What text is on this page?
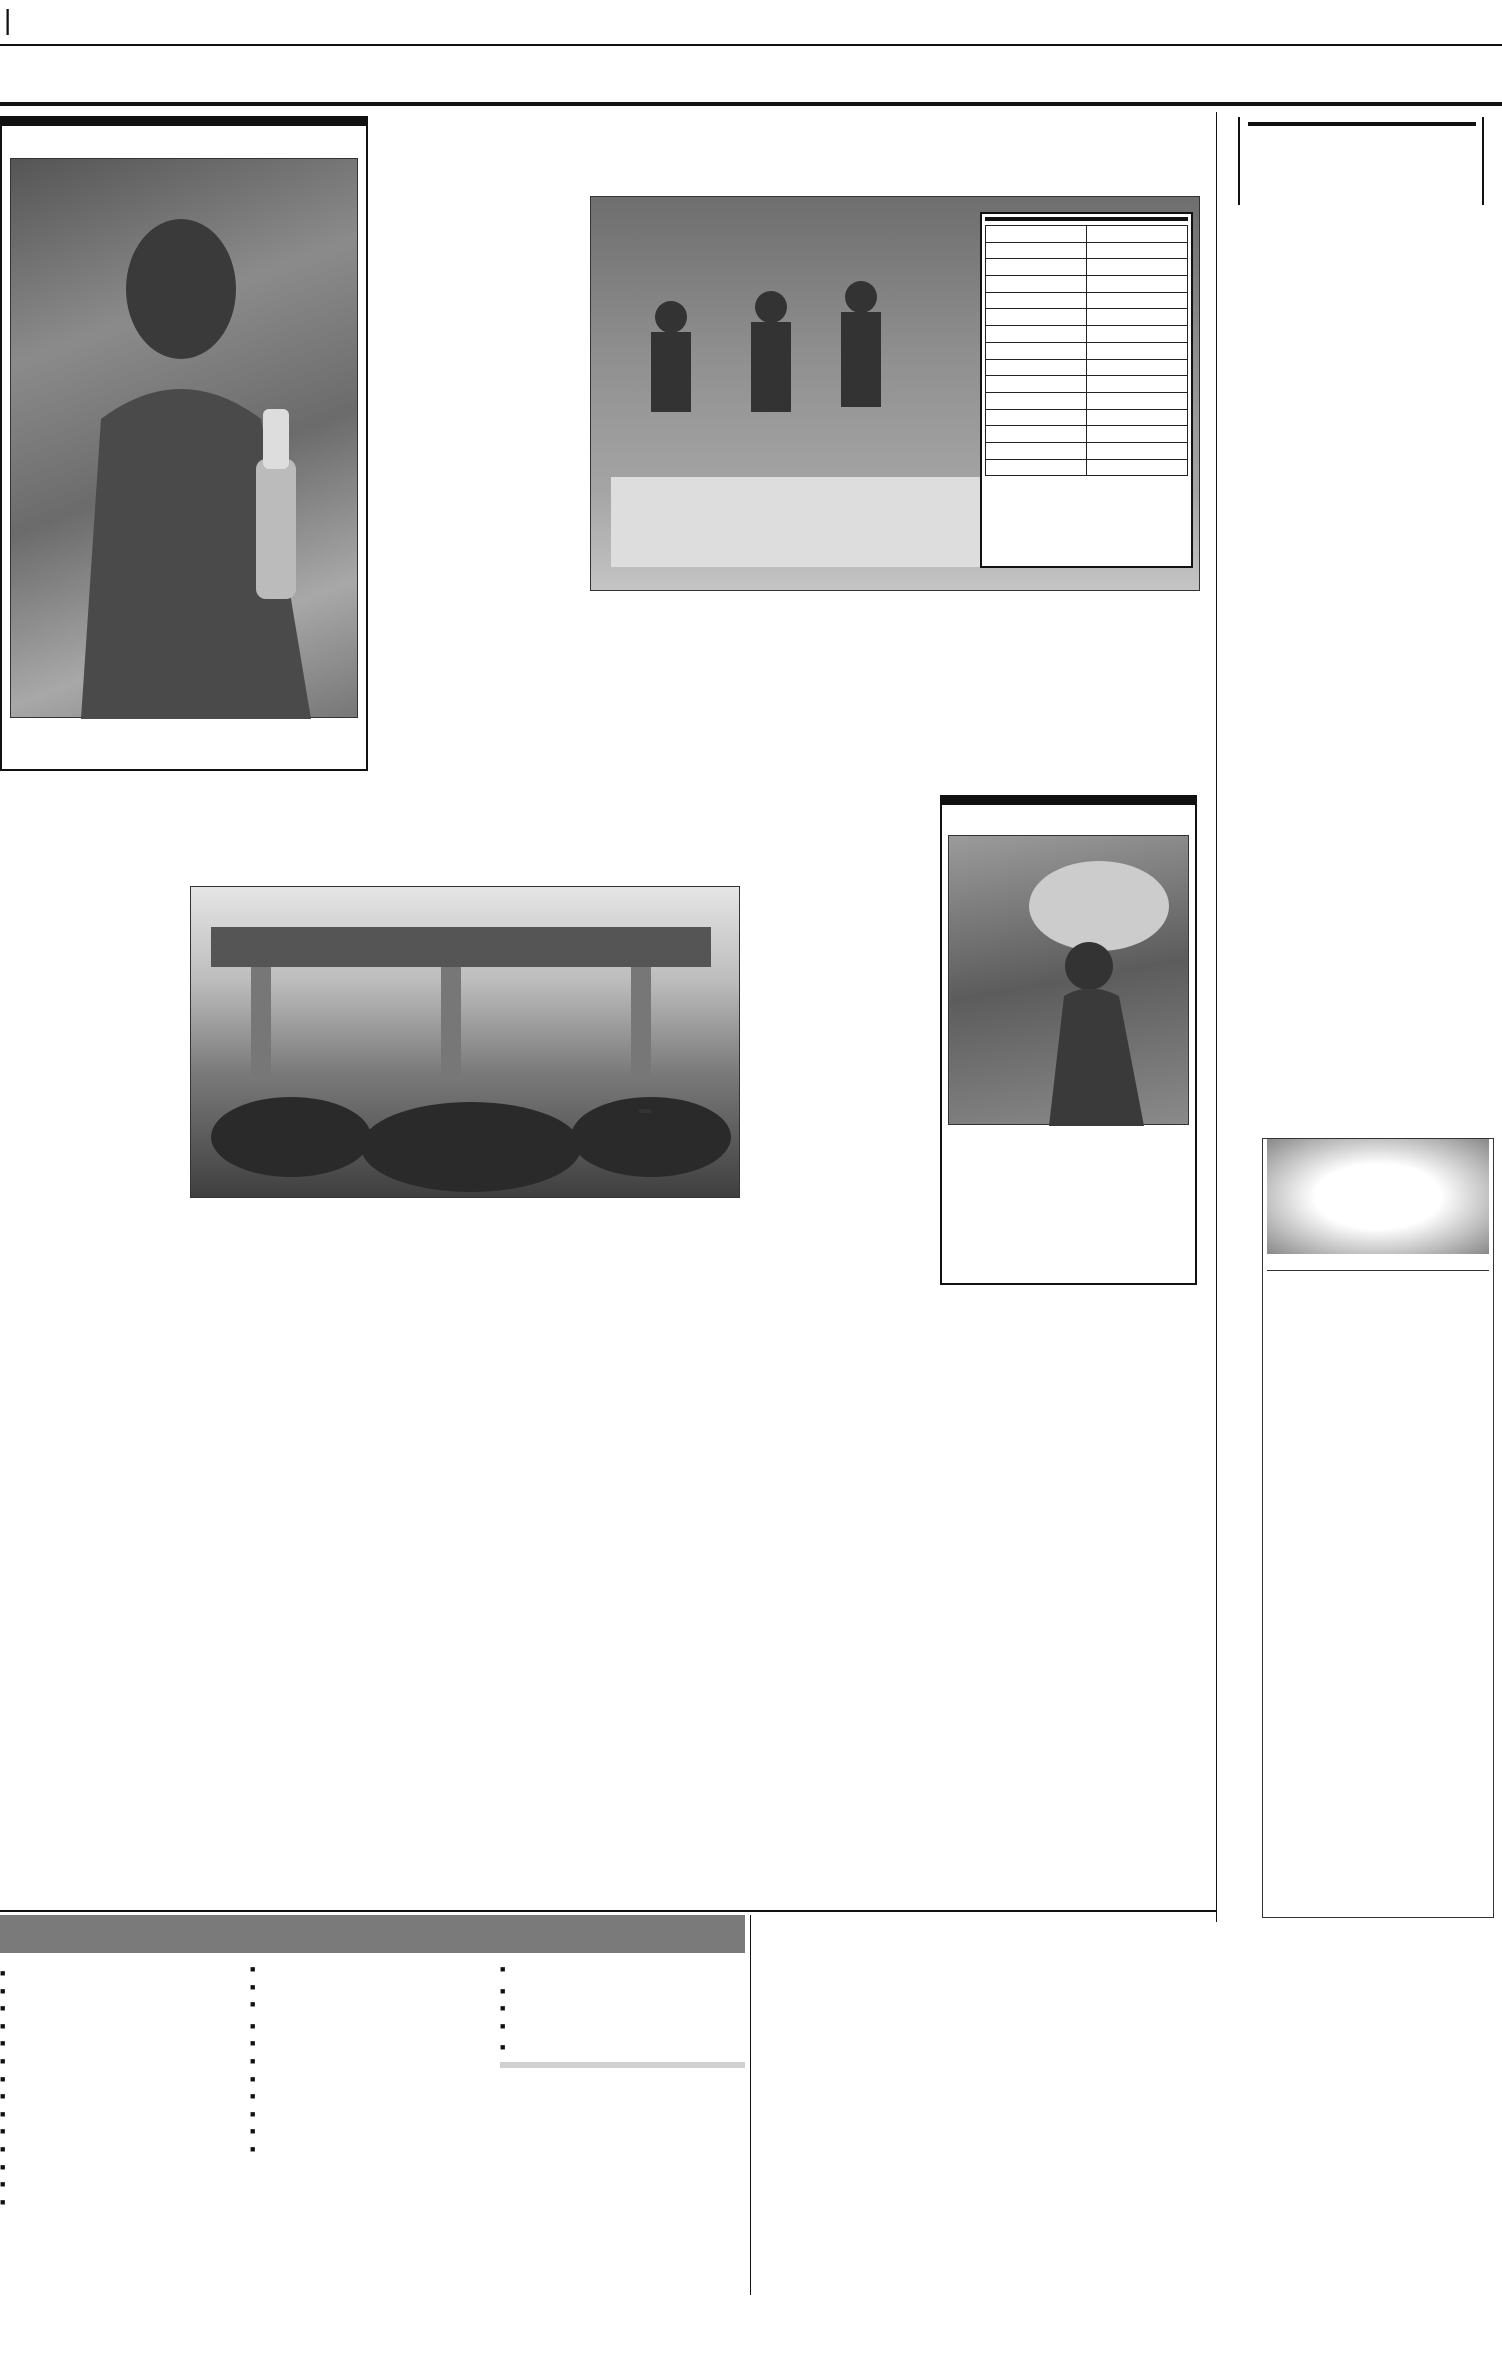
|

■
■
■
■
■
■
■
■
■
■
■
■
■
■
■
■
■
■
■
■
■
■
■
■
■
■
■
■
■
■
